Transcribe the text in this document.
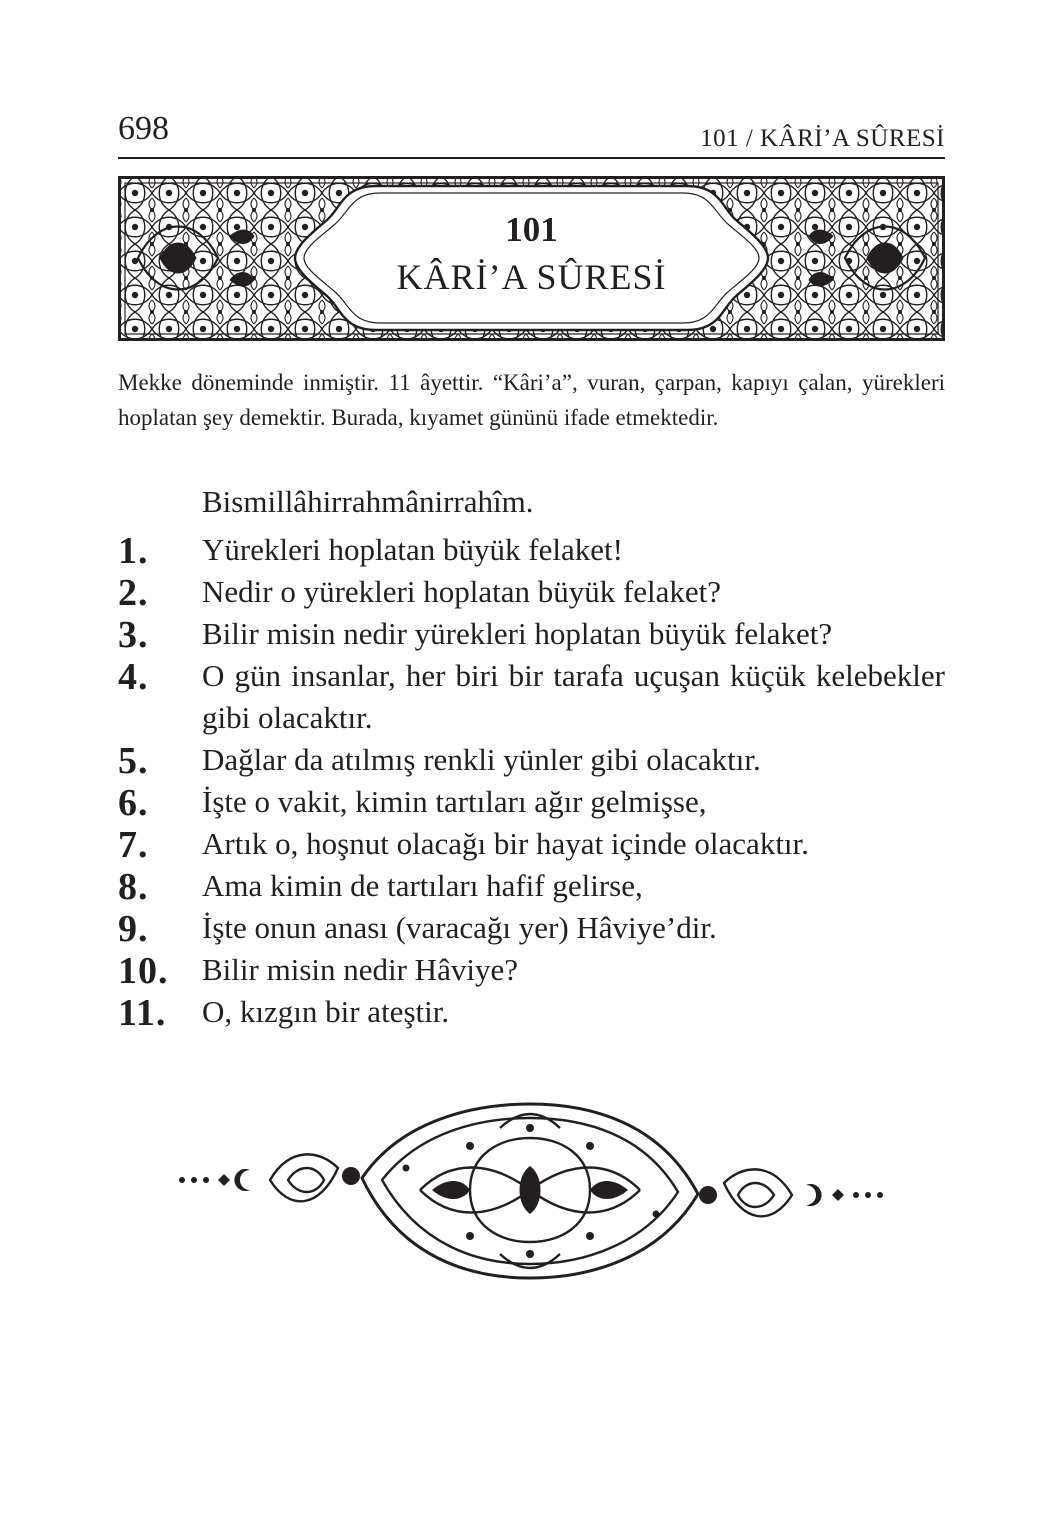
698	101 / KÂRİ’A SÛRESİ
101
KÂRİ’A SÛRESİ

Mekke döneminde inmiştir. 11 âyettir. “Kâri’a”, vuran, çarpan, kapıyı çalan, yürekleri hoplatan şey demektir. Burada, kıyamet gününü ifade etmektedir.

Bismillâhirrahmânirrahîm.
1. Yürekleri hoplatan büyük felaket!
2. Nedir o yürekleri hoplatan büyük felaket?
3. Bilir misin nedir yürekleri hoplatan büyük felaket?
4. O gün insanlar, her biri bir tarafa uçuşan küçük kelebekler gibi olacaktır.
5. Dağlar da atılmış renkli yünler gibi olacaktır.
6. İşte o vakit, kimin tartıları ağır gelmişse,
7. Artık o, hoşnut olacağı bir hayat içinde olacaktır.
8. Ama kimin de tartıları hafif gelirse,
9. İşte onun anası (varacağı yer) Hâviye’dir.
10. Bilir misin nedir Hâviye?
11. O, kızgın bir ateştir.
